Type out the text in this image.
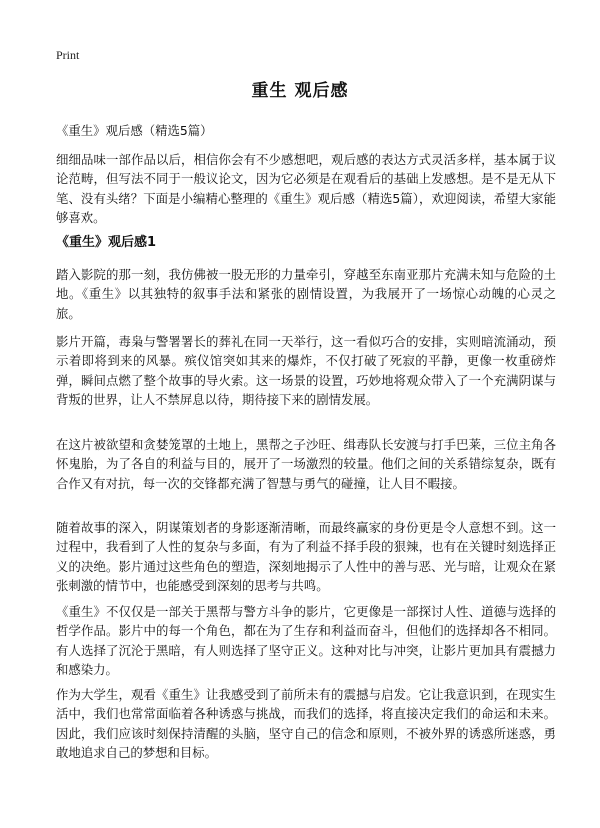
Print
重生 观后感

《重生》观后感（精选5篇）

细细品味一部作品以后，相信你会有不少感想吧，观后感的表达方式灵活多样，基本属于议论范畴，但写法不同于一般议论文，因为它必须是在观看后的基础上发感想。是不是无从下笔、没有头绪？下面是小编精心整理的《重生》观后感（精选5篇），欢迎阅读，希望大家能够喜欢。

《重生》观后感1

踏入影院的那一刻，我仿佛被一股无形的力量牵引，穿越至东南亚那片充满未知与危险的土地。《重生》以其独特的叙事手法和紧张的剧情设置，为我展开了一场惊心动魄的心灵之旅。

影片开篇，毒枭与警署署长的葬礼在同一天举行，这一看似巧合的安排，实则暗流涌动，预示着即将到来的风暴。殡仪馆突如其来的爆炸，不仅打破了死寂的平静，更像一枚重磅炸弹，瞬间点燃了整个故事的导火索。这一场景的设置，巧妙地将观众带入了一个充满阴谋与背叛的世界，让人不禁屏息以待，期待接下来的剧情发展。

在这片被欲望和贪婪笼罩的土地上，黑帮之子沙旺、缉毒队长安渡与打手巴莱，三位主角各怀鬼胎，为了各自的利益与目的，展开了一场激烈的较量。他们之间的关系错综复杂，既有合作又有对抗，每一次的交锋都充满了智慧与勇气的碰撞，让人目不暇接。

随着故事的深入，阴谋策划者的身影逐渐清晰，而最终赢家的身份更是令人意想不到。这一过程中，我看到了人性的复杂与多面，有为了利益不择手段的狠辣，也有在关键时刻选择正义的决绝。影片通过这些角色的塑造，深刻地揭示了人性中的善与恶、光与暗，让观众在紧张刺激的情节中，也能感受到深刻的思考与共鸣。

《重生》不仅仅是一部关于黑帮与警方斗争的影片，它更像是一部探讨人性、道德与选择的哲学作品。影片中的每一个角色，都在为了生存和利益而奋斗，但他们的选择却各不相同。有人选择了沉沦于黑暗，有人则选择了坚守正义。这种对比与冲突，让影片更加具有震撼力和感染力。

作为大学生，观看《重生》让我感受到了前所未有的震撼与启发。它让我意识到，在现实生活中，我们也常常面临着各种诱惑与挑战，而我们的选择，将直接决定我们的命运和未来。因此，我们应该时刻保持清醒的头脑，坚守自己的信念和原则，不被外界的诱惑所迷惑，勇敢地追求自己的梦想和目标。
